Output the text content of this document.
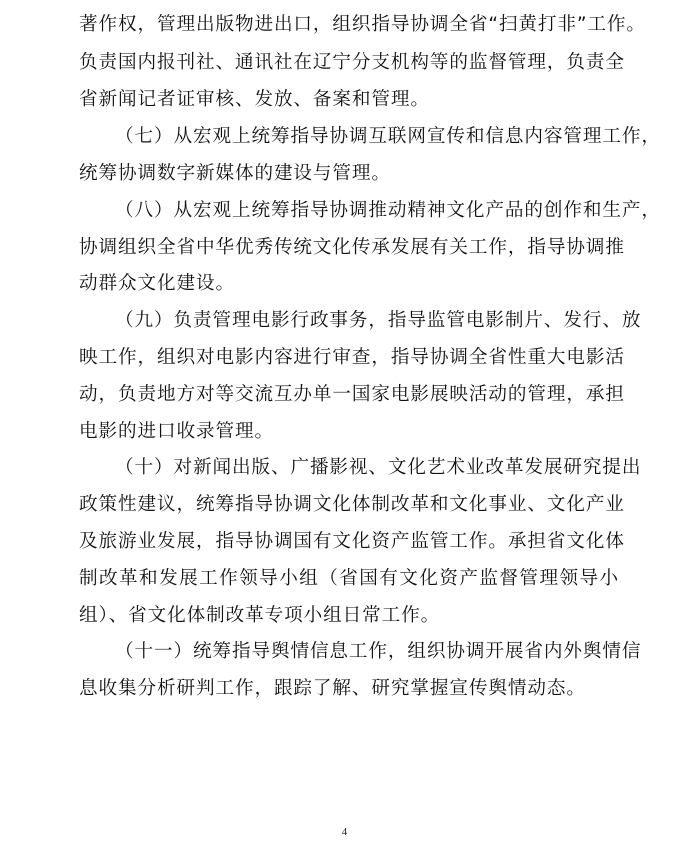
著作权，管理出版物进出口，组织指导协调全省“扫黄打非”工作。
负责国内报刊社、通讯社在辽宁分支机构等的监督管理，负责全
省新闻记者证审核、发放、备案和管理。
（七）从宏观上统筹指导协调互联网宣传和信息内容管理工作，
统筹协调数字新媒体的建设与管理。
（八）从宏观上统筹指导协调推动精神文化产品的创作和生产，
协调组织全省中华优秀传统文化传承发展有关工作，指导协调推
动群众文化建设。
（九）负责管理电影行政事务，指导监管电影制片、发行、放
映工作，组织对电影内容进行审查，指导协调全省性重大电影活
动，负责地方对等交流互办单一国家电影展映活动的管理，承担
电影的进口收录管理。
（十）对新闻出版、广播影视、文化艺术业改革发展研究提出
政策性建议，统筹指导协调文化体制改革和文化事业、文化产业
及旅游业发展，指导协调国有文化资产监管工作。承担省文化体
制改革和发展工作领导小组（省国有文化资产监督管理领导小
组）、省文化体制改革专项小组日常工作。
（十一）统筹指导舆情信息工作，组织协调开展省内外舆情信
息收集分析研判工作，跟踪了解、研究掌握宣传舆情动态。
4
